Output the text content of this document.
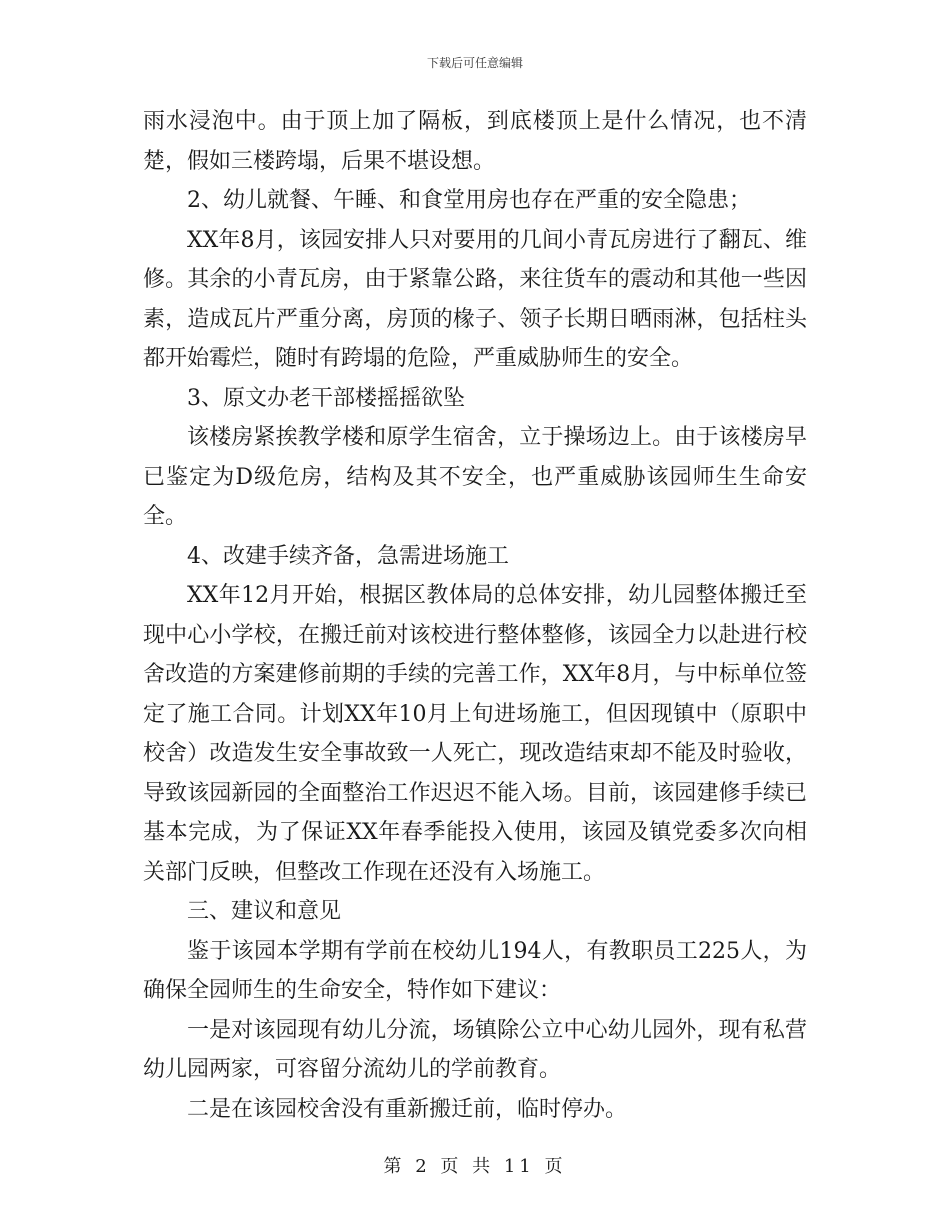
下载后可任意编辑

雨水浸泡中。由于顶上加了隔板，到底楼顶上是什么情况，也不清楚，假如三楼跨塌，后果不堪设想。

2、幼儿就餐、午睡、和食堂用房也存在严重的安全隐患；

XX年8月，该园安排人只对要用的几间小青瓦房进行了翻瓦、维修。其余的小青瓦房，由于紧靠公路，来往货车的震动和其他一些因素，造成瓦片严重分离，房顶的椽子、领子长期日晒雨淋，包括柱头都开始霉烂，随时有跨塌的危险，严重威胁师生的安全。

3、原文办老干部楼摇摇欲坠

该楼房紧挨教学楼和原学生宿舍，立于操场边上。由于该楼房早已鉴定为D级危房，结构及其不安全，也严重威胁该园师生生命安全。

4、改建手续齐备，急需进场施工

XX年12月开始，根据区教体局的总体安排，幼儿园整体搬迁至现中心小学校，在搬迁前对该校进行整体整修，该园全力以赴进行校舍改造的方案建修前期的手续的完善工作，XX年8月，与中标单位签定了施工合同。计划XX年10月上旬进场施工，但因现镇中（原职中校舍）改造发生安全事故致一人死亡，现改造结束却不能及时验收，导致该园新园的全面整治工作迟迟不能入场。目前，该园建修手续已基本完成，为了保证XX年春季能投入使用，该园及镇党委多次向相关部门反映，但整改工作现在还没有入场施工。

三、建议和意见

鉴于该园本学期有学前在校幼儿194人，有教职员工225人，为确保全园师生的生命安全，特作如下建议：

一是对该园现有幼儿分流，场镇除公立中心幼儿园外，现有私营幼儿园两家，可容留分流幼儿的学前教育。

二是在该园校舍没有重新搬迁前，临时停办。

第 2 页 共 11 页
